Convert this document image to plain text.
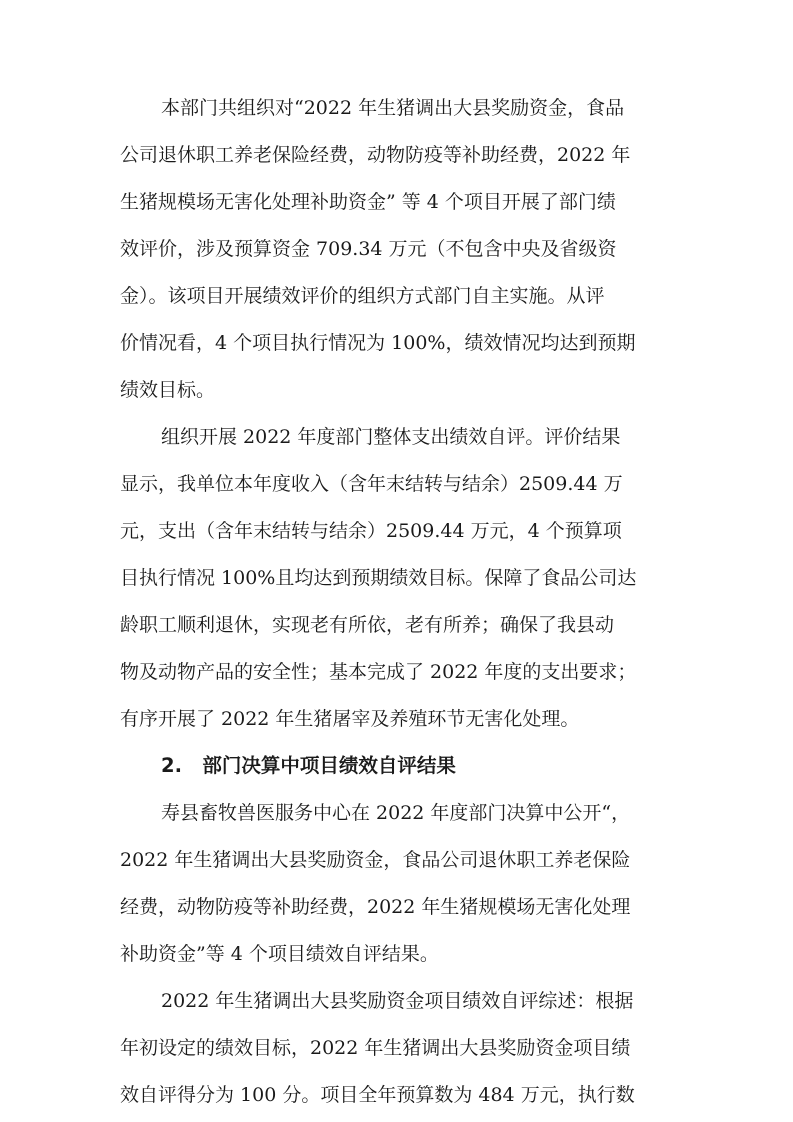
本部门共组织对“2022 年生猪调出大县奖励资金，食品
公司退休职工养老保险经费，动物防疫等补助经费，2022 年
生猪规模场无害化处理补助资金” 等 4 个项目开展了部门绩
效评价，涉及预算资金 709.34 万元（不包含中央及省级资
金）。该项目开展绩效评价的组织方式部门自主实施。从评
价情况看，4 个项目执行情况为 100%，绩效情况均达到预期
绩效目标。
组织开展 2022 年度部门整体支出绩效自评。评价结果
显示，我单位本年度收入（含年末结转与结余）2509.44 万
元，支出（含年末结转与结余）2509.44 万元，4 个预算项
目执行情况 100%且均达到预期绩效目标。保障了食品公司达
龄职工顺利退休，实现老有所依，老有所养；确保了我县动
物及动物产品的安全性；基本完成了 2022 年度的支出要求；
有序开展了 2022 年生猪屠宰及养殖环节无害化处理。
2.   部门决算中项目绩效自评结果
寿县畜牧兽医服务中心在 2022 年度部门决算中公开“，
2022 年生猪调出大县奖励资金，食品公司退休职工养老保险
经费，动物防疫等补助经费，2022 年生猪规模场无害化处理
补助资金”等 4 个项目绩效自评结果。
2022 年生猪调出大县奖励资金项目绩效自评综述：根据
年初设定的绩效目标，2022 年生猪调出大县奖励资金项目绩
效自评得分为 100 分。项目全年预算数为 484 万元，执行数
